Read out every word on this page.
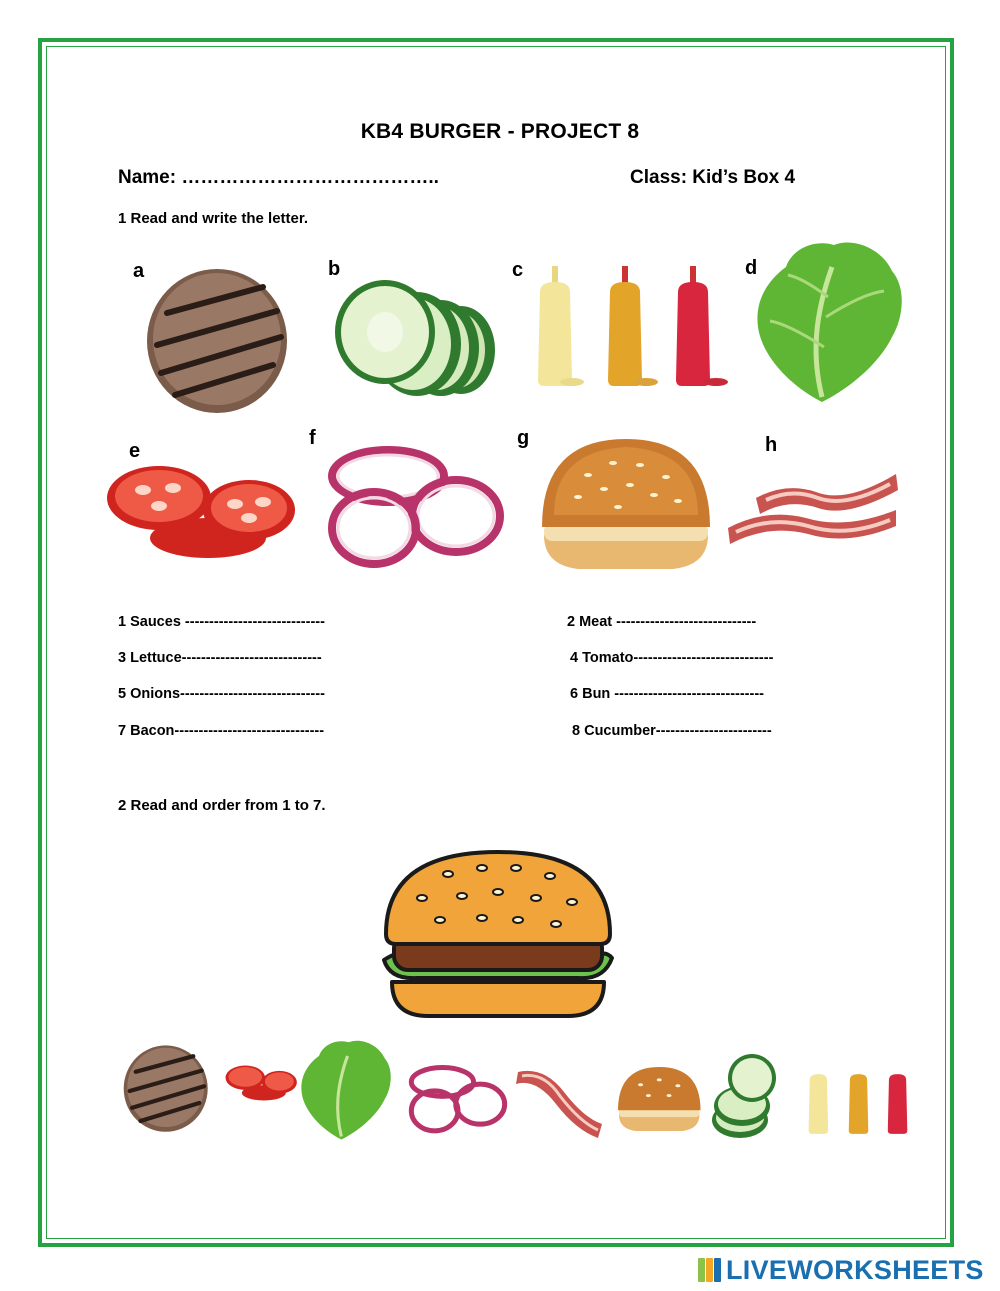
KB4 BURGER - PROJECT 8
Name: …………………………………..	Class: Kid’s Box 4
1 Read and write the letter.
a	b	c	d
e
f	g	h
1 Sauces -----------------------------	2 Meat -----------------------------
3 Lettuce-----------------------------	4 Tomato-----------------------------
5 Onions------------------------------	6 Bun -------------------------------
7 Bacon-------------------------------	8 Cucumber------------------------
2 Read and order from 1 to 7.
LIVEWORKSHEETS
